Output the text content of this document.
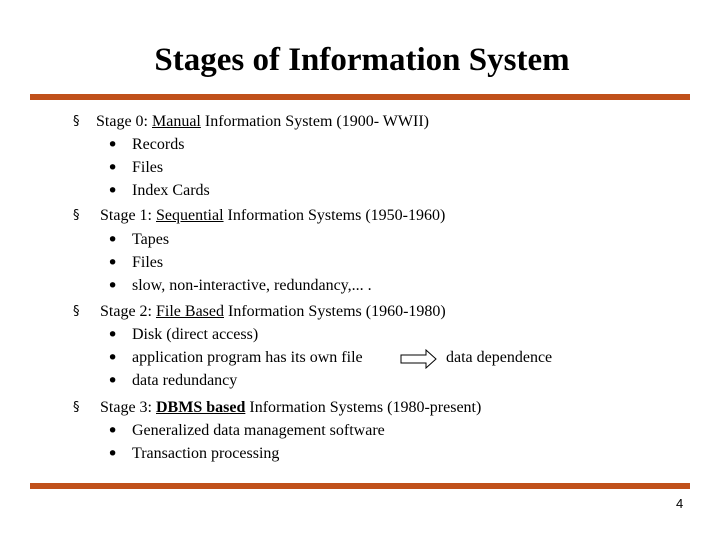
Stages of Information System
§ Stage 0: Manual Information System (1900- WWII)
• Records
• Files
• Index Cards
§ Stage 1: Sequential Information Systems (1950-1960)
• Tapes
• Files
• slow, non-interactive, redundancy,... .
§ Stage 2: File Based Information Systems (1960-1980)
• Disk (direct access)
• application program has its own file	data dependence
• data redundancy
§ Stage 3: DBMS based Information Systems (1980-present)
• Generalized data management software
• Transaction processing
4
